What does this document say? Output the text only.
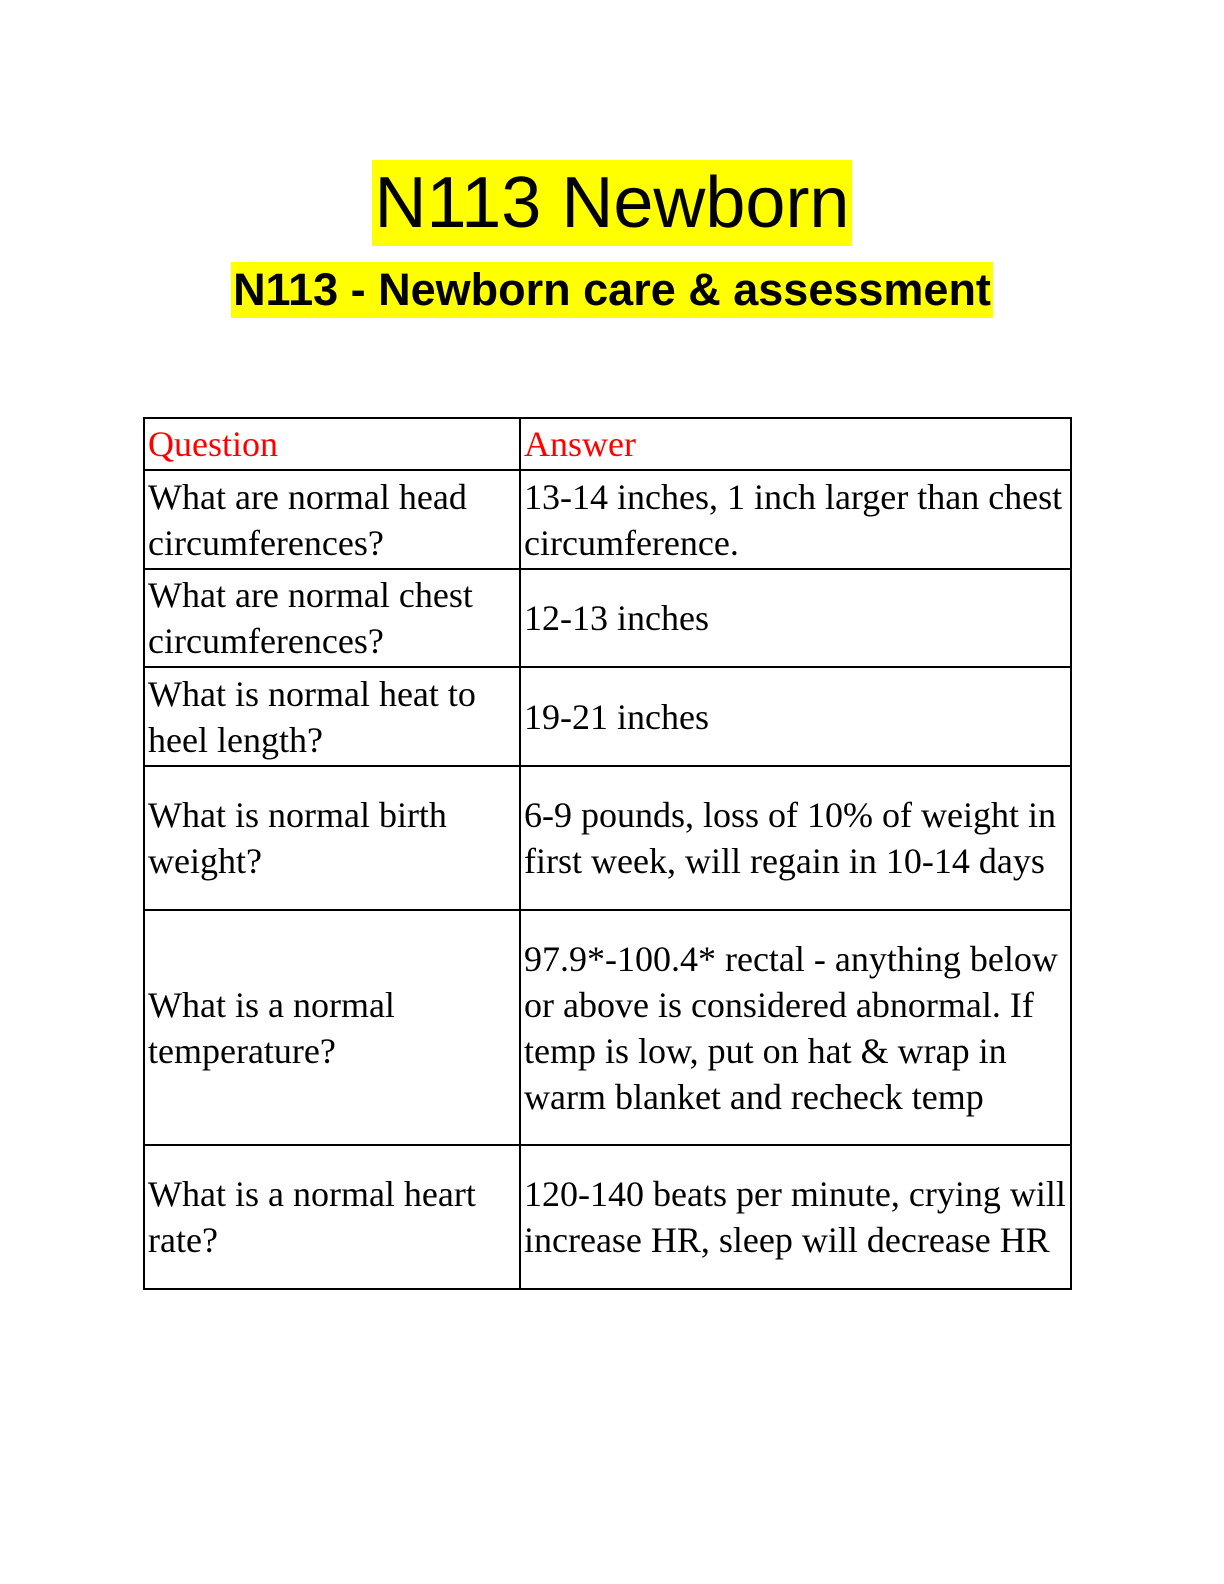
N113 Newborn
N113 - Newborn care & assessment
Question	Answer
What are normal head circumferences?	13-14 inches, 1 inch larger than chest circumference.
What are normal chest circumferences?	12-13 inches
What is normal heat to heel length?	19-21 inches
What is normal birth weight?	6-9 pounds, loss of 10% of weight in first week, will regain in 10-14 days
What is a normal temperature?	97.9*-100.4* rectal - anything below or above is considered abnormal. If temp is low, put on hat & wrap in warm blanket and recheck temp
What is a normal heart rate?	120-140 beats per minute, crying will increase HR, sleep will decrease HR
